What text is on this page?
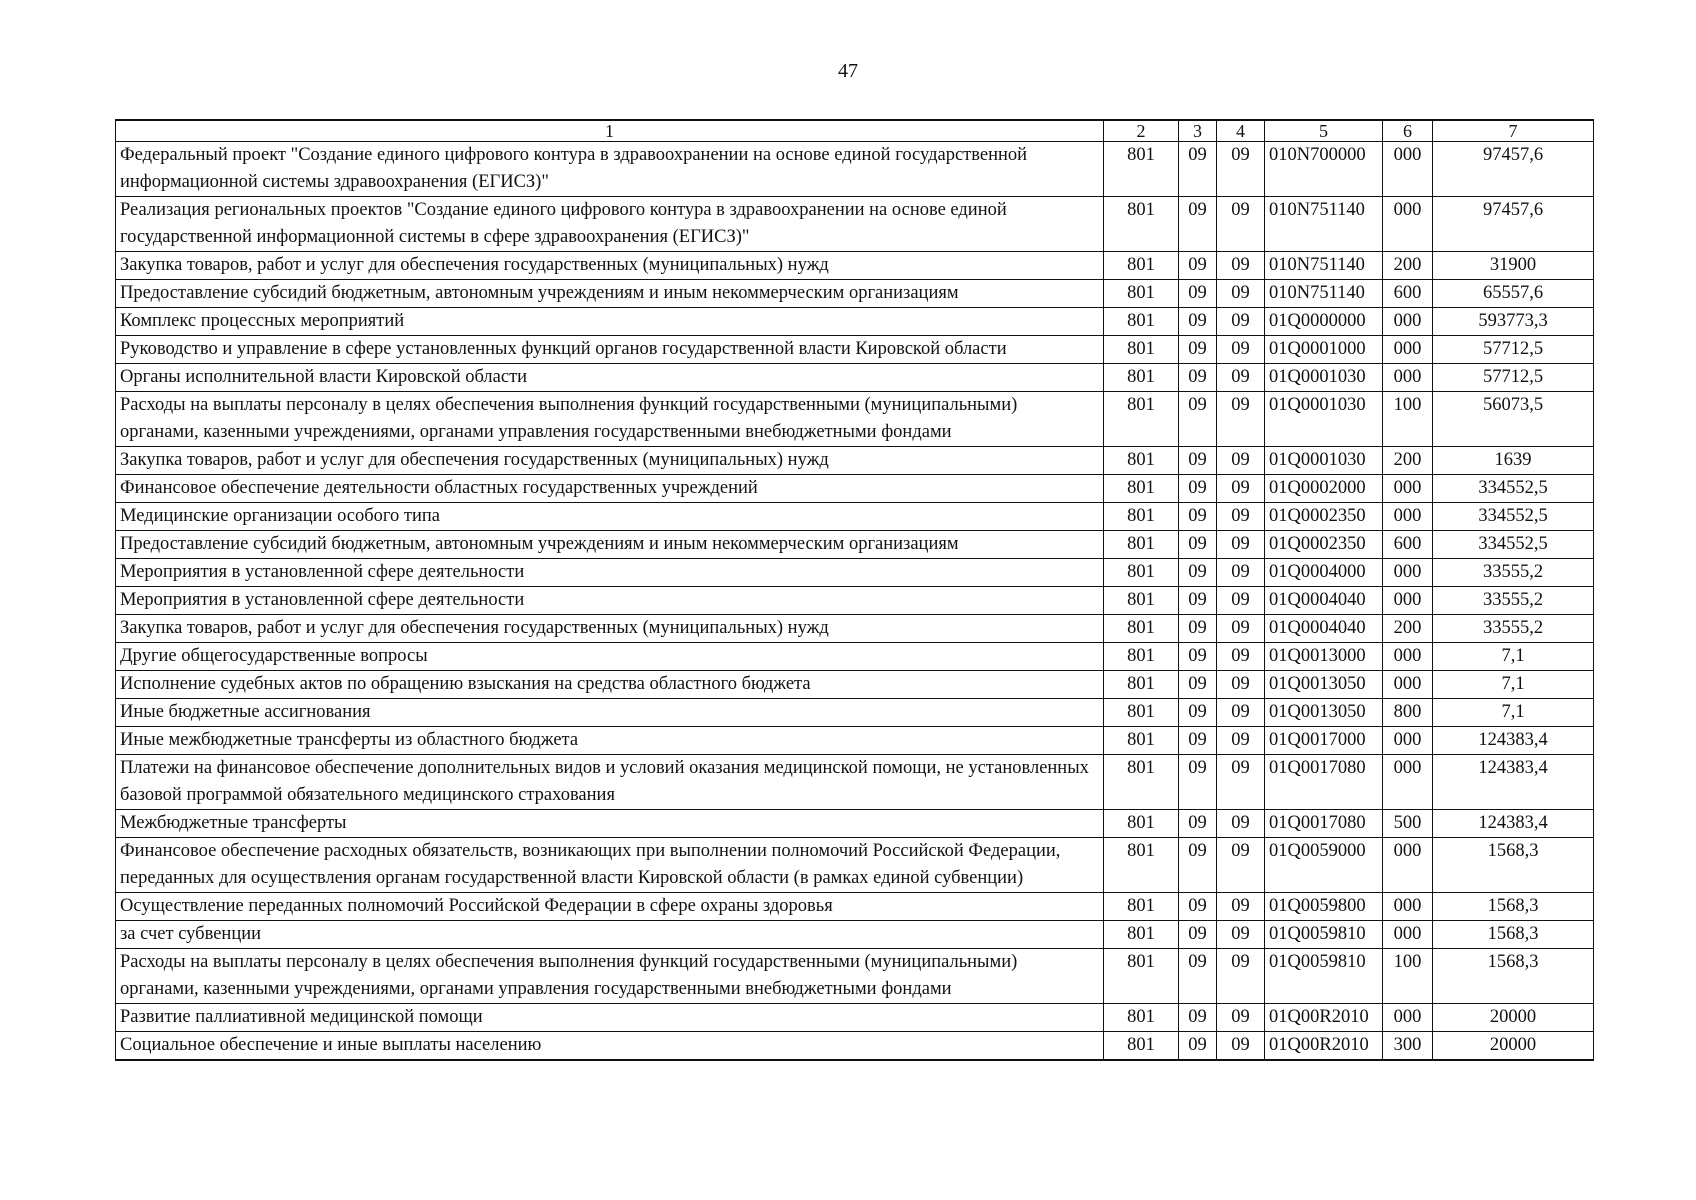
47
1	2	3	4	5	6	7
Федеральный проект "Создание единого цифрового контура в здравоохранении на основе единой государственной информационной системы здравоохранения (ЕГИСЗ)"	801	09	09	010N700000	000	97457,6
Реализация региональных проектов "Создание единого цифрового контура в здравоохранении на основе единой государственной информационной системы в сфере здравоохранения (ЕГИСЗ)"	801	09	09	010N751140	000	97457,6
Закупка товаров, работ и услуг для обеспечения государственных (муниципальных) нужд	801	09	09	010N751140	200	31900
Предоставление субсидий бюджетным, автономным учреждениям и иным некоммерческим организациям	801	09	09	010N751140	600	65557,6
Комплекс процессных мероприятий	801	09	09	01Q0000000	000	593773,3
Руководство и управление в сфере установленных функций органов государственной власти Кировской области	801	09	09	01Q0001000	000	57712,5
Органы исполнительной власти Кировской области	801	09	09	01Q0001030	000	57712,5
Расходы на выплаты персоналу в целях обеспечения выполнения функций государственными (муниципальными) органами, казенными учреждениями, органами управления государственными внебюджетными фондами	801	09	09	01Q0001030	100	56073,5
Закупка товаров, работ и услуг для обеспечения государственных (муниципальных) нужд	801	09	09	01Q0001030	200	1639
Финансовое обеспечение деятельности областных государственных учреждений	801	09	09	01Q0002000	000	334552,5
Медицинские организации особого типа	801	09	09	01Q0002350	000	334552,5
Предоставление субсидий бюджетным, автономным учреждениям и иным некоммерческим организациям	801	09	09	01Q0002350	600	334552,5
Мероприятия в установленной сфере деятельности	801	09	09	01Q0004000	000	33555,2
Мероприятия в установленной сфере деятельности	801	09	09	01Q0004040	000	33555,2
Закупка товаров, работ и услуг для обеспечения государственных (муниципальных) нужд	801	09	09	01Q0004040	200	33555,2
Другие общегосударственные вопросы	801	09	09	01Q0013000	000	7,1
Исполнение судебных актов по обращению взыскания на средства областного бюджета	801	09	09	01Q0013050	000	7,1
Иные бюджетные ассигнования	801	09	09	01Q0013050	800	7,1
Иные межбюджетные трансферты из областного бюджета	801	09	09	01Q0017000	000	124383,4
Платежи на финансовое обеспечение дополнительных видов и условий оказания медицинской помощи, не установленных базовой программой обязательного медицинского страхования	801	09	09	01Q0017080	000	124383,4
Межбюджетные трансферты	801	09	09	01Q0017080	500	124383,4
Финансовое обеспечение расходных обязательств, возникающих при выполнении полномочий Российской Федерации, переданных для осуществления органам государственной власти Кировской области (в рамках единой субвенции)	801	09	09	01Q0059000	000	1568,3
Осуществление переданных полномочий Российской Федерации в сфере охраны здоровья	801	09	09	01Q0059800	000	1568,3
за счет субвенции	801	09	09	01Q0059810	000	1568,3
Расходы на выплаты персоналу в целях обеспечения выполнения функций государственными (муниципальными) органами, казенными учреждениями, органами управления государственными внебюджетными фондами	801	09	09	01Q0059810	100	1568,3
Развитие паллиативной медицинской помощи	801	09	09	01Q00R2010	000	20000
Социальное обеспечение и иные выплаты населению	801	09	09	01Q00R2010	300	20000
